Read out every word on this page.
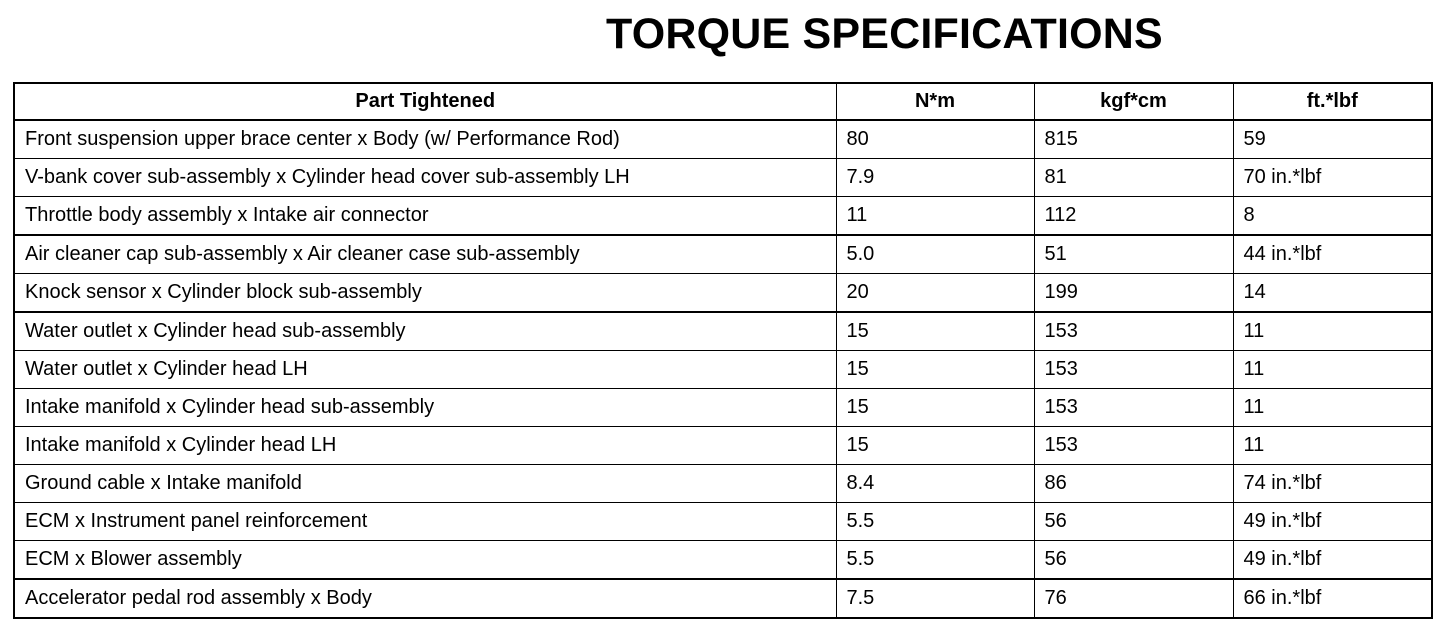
TORQUE SPECIFICATIONS
Part Tightened	N*m	kgf*cm	ft.*lbf
Front suspension upper brace center x Body (w/ Performance Rod)	80	815	59
V-bank cover sub-assembly x Cylinder head cover sub-assembly LH	7.9	81	70 in.*lbf
Throttle body assembly x Intake air connector	11	112	8
Air cleaner cap sub-assembly x Air cleaner case sub-assembly	5.0	51	44 in.*lbf
Knock sensor x Cylinder block sub-assembly	20	199	14
Water outlet x Cylinder head sub-assembly	15	153	11
Water outlet x Cylinder head LH	15	153	11
Intake manifold x Cylinder head sub-assembly	15	153	11
Intake manifold x Cylinder head LH	15	153	11
Ground cable x Intake manifold	8.4	86	74 in.*lbf
ECM x Instrument panel reinforcement	5.5	56	49 in.*lbf
ECM x Blower assembly	5.5	56	49 in.*lbf
Accelerator pedal rod assembly x Body	7.5	76	66 in.*lbf
